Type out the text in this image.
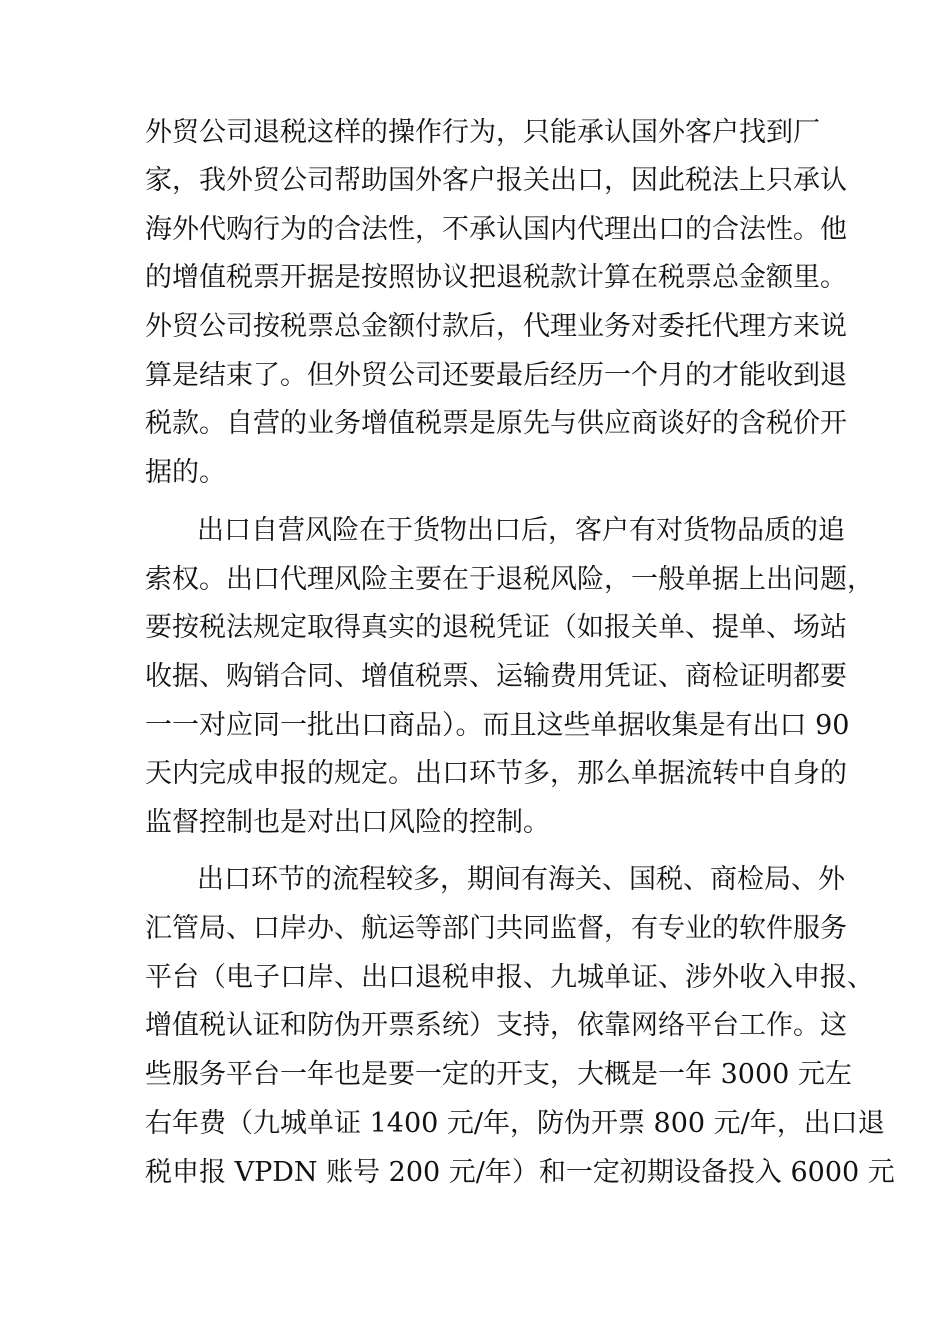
外贸公司退税这样的操作行为，只能承认国外客户找到厂
家，我外贸公司帮助国外客户报关出口，因此税法上只承认
海外代购行为的合法性，不承认国内代理出口的合法性。他
的增值税票开据是按照协议把退税款计算在税票总金额里。
外贸公司按税票总金额付款后，代理业务对委托代理方来说
算是结束了。但外贸公司还要最后经历一个月的才能收到退
税款。自营的业务增值税票是原先与供应商谈好的含税价开
据的。
出口自营风险在于货物出口后，客户有对货物品质的追
索权。出口代理风险主要在于退税风险，一般单据上出问题，
要按税法规定取得真实的退税凭证（如报关单、提单、场站
收据、购销合同、增值税票、运输费用凭证、商检证明都要
一一对应同一批出口商品）。而且这些单据收集是有出口 90
天内完成申报的规定。出口环节多，那么单据流转中自身的
监督控制也是对出口风险的控制。
出口环节的流程较多，期间有海关、国税、商检局、外
汇管局、口岸办、航运等部门共同监督，有专业的软件服务
平台（电子口岸、出口退税申报、九城单证、涉外收入申报、
增值税认证和防伪开票系统）支持，依靠网络平台工作。这
些服务平台一年也是要一定的开支，大概是一年 3000 元左
右年费（九城单证 1400 元/年，防伪开票 800 元/年，出口退
税申报 VPDN 账号 200 元/年）和一定初期设备投入 6000 元
